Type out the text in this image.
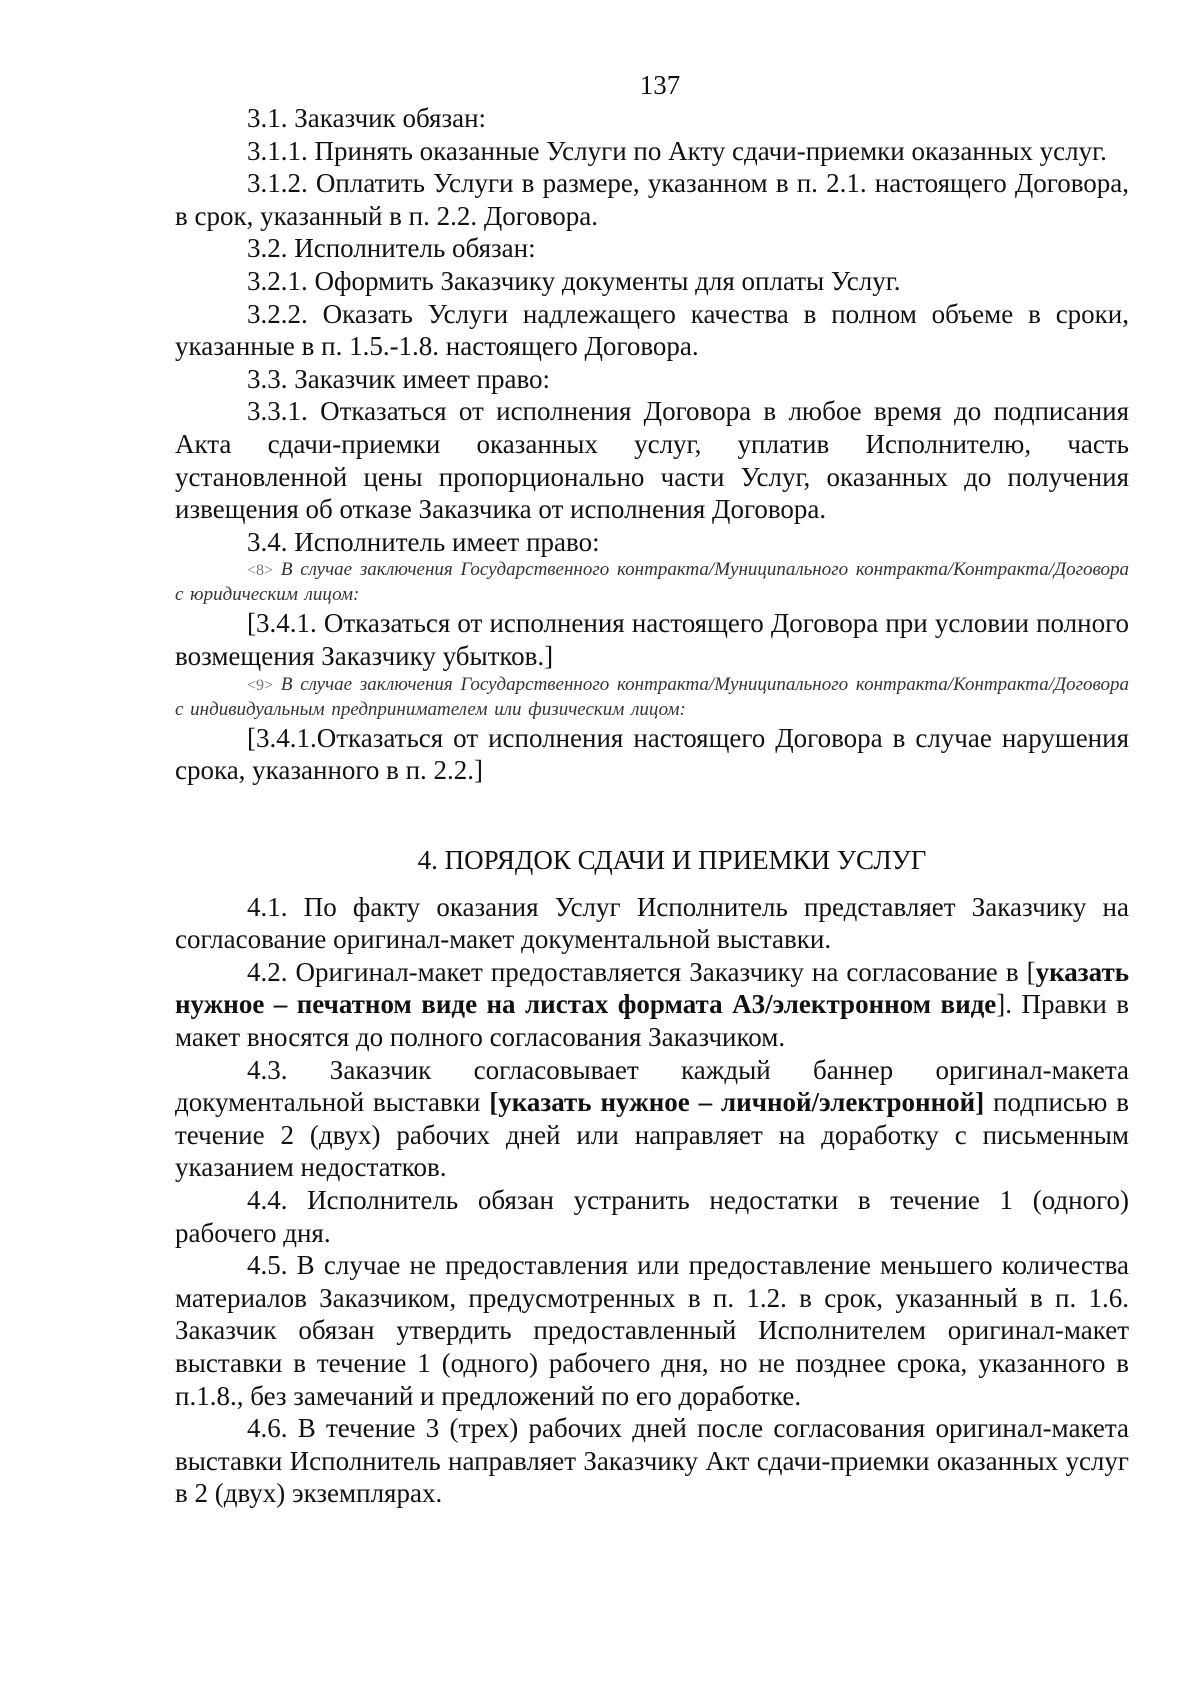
137

3.1. Заказчик обязан:

3.1.1. Принять оказанные Услуги по Акту сдачи-приемки оказанных услуг.

3.1.2. Оплатить Услуги в размере, указанном в п. 2.1. настоящего Договора, в срок, указанный в п. 2.2. Договора.

3.2. Исполнитель обязан:

3.2.1. Оформить Заказчику документы для оплаты Услуг.

3.2.2. Оказать Услуги надлежащего качества в полном объеме в сроки, указанные в п. 1.5.-1.8. настоящего Договора.

3.3. Заказчик имеет право:

3.3.1. Отказаться от исполнения Договора в любое время до подписания Акта сдачи-приемки оказанных услуг, уплатив Исполнителю, часть установленной цены пропорционально части Услуг, оказанных до получения извещения об отказе Заказчика от исполнения Договора.

3.4. Исполнитель имеет право:

<8> В случае заключения Государственного контракта/Муниципального контракта/Контракта/Договора с юридическим лицом:

[3.4.1. Отказаться от исполнения настоящего Договора при условии полного возмещения Заказчику убытков.]

<9> В случае заключения Государственного контракта/Муниципального контракта/Контракта/Договора с индивидуальным предпринимателем или физическим лицом:

[3.4.1.Отказаться от исполнения настоящего Договора в случае нарушения срока, указанного в п. 2.2.]

4. ПОРЯДОК СДАЧИ И ПРИЕМКИ УСЛУГ

4.1. По факту оказания Услуг Исполнитель представляет Заказчику на согласование оригинал-макет документальной выставки.

4.2. Оригинал-макет предоставляется Заказчику на согласование в [указать нужное – печатном виде на листах формата А3/электронном виде]. Правки в макет вносятся до полного согласования Заказчиком.

4.3. Заказчик согласовывает каждый баннер оригинал-макета документальной выставки [указать нужное – личной/электронной] подписью в течение 2 (двух) рабочих дней или направляет на доработку с письменным указанием недостатков.

4.4. Исполнитель обязан устранить недостатки в течение 1 (одного) рабочего дня.

4.5. В случае не предоставления или предоставление меньшего количества материалов Заказчиком, предусмотренных в п. 1.2. в срок, указанный в п. 1.6. Заказчик обязан утвердить предоставленный Исполнителем оригинал-макет выставки в течение 1 (одного) рабочего дня, но не позднее срока, указанного в п.1.8., без замечаний и предложений по его доработке.

4.6. В течение 3 (трех) рабочих дней после согласования оригинал-макета выставки Исполнитель направляет Заказчику Акт сдачи-приемки оказанных услуг в 2 (двух) экземплярах.
